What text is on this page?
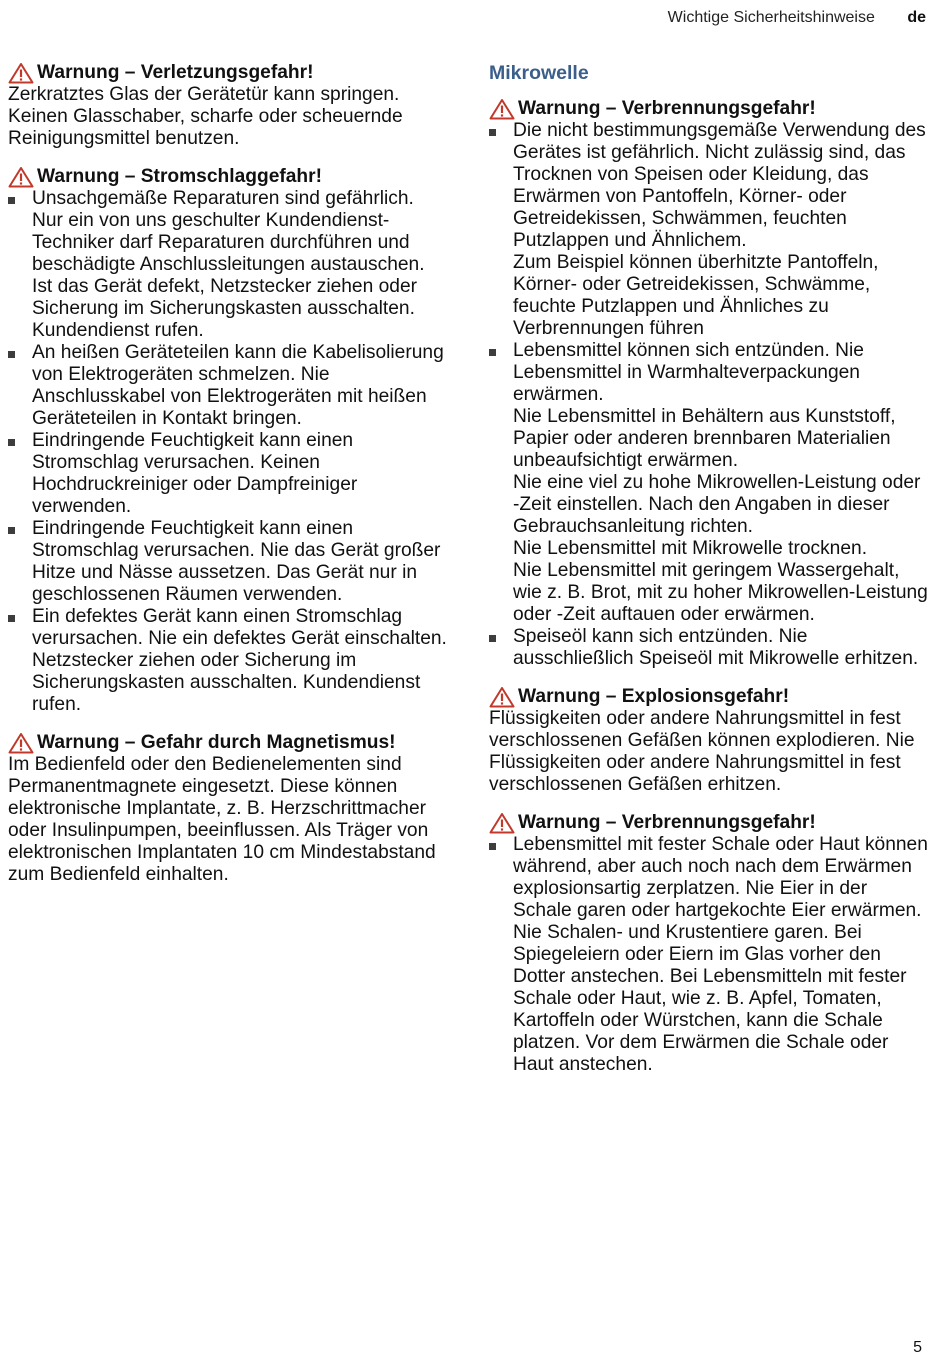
Wichtige Sicherheitshinweise de
Warnung – Verletzungsgefahr!
Zerkratztes Glas der Gerätetür kann springen. Keinen Glasschaber, scharfe oder scheuernde Reinigungsmittel benutzen.
Warnung – Stromschlaggefahr!
Unsachgemäße Reparaturen sind gefährlich. Nur ein von uns geschulter Kundendienst-Techniker darf Reparaturen durchführen und beschädigte Anschlussleitungen austauschen. Ist das Gerät defekt, Netzstecker ziehen oder Sicherung im Sicherungskasten ausschalten. Kundendienst rufen.
An heißen Geräteteilen kann die Kabelisolierung von Elektrogeräten schmelzen. Nie Anschlusskabel von Elektrogeräten mit heißen Geräteteilen in Kontakt bringen.
Eindringende Feuchtigkeit kann einen Stromschlag verursachen. Keinen Hochdruckreiniger oder Dampfreiniger verwenden.
Eindringende Feuchtigkeit kann einen Stromschlag verursachen. Nie das Gerät großer Hitze und Nässe aussetzen. Das Gerät nur in geschlossenen Räumen verwenden.
Ein defektes Gerät kann einen Stromschlag verursachen. Nie ein defektes Gerät einschalten. Netzstecker ziehen oder Sicherung im Sicherungskasten ausschalten. Kundendienst rufen.
Warnung – Gefahr durch Magnetismus!
Im Bedienfeld oder den Bedienelementen sind Permanentmagnete eingesetzt. Diese können elektronische Implantate, z. B. Herzschrittmacher oder Insulinpumpen, beeinflussen. Als Träger von elektronischen Implantaten 10 cm Mindestabstand zum Bedienfeld einhalten.
Mikrowelle
Warnung – Verbrennungsgefahr!
Die nicht bestimmungsgemäße Verwendung des Gerätes ist gefährlich. Nicht zulässig sind, das Trocknen von Speisen oder Kleidung, das Erwärmen von Pantoffeln, Körner- oder Getreidekissen, Schwämmen, feuchten Putzlappen und Ähnlichem.
Zum Beispiel können überhitzte Pantoffeln, Körner- oder Getreidekissen, Schwämme, feuchte Putzlappen und Ähnliches zu Verbrennungen führen
Lebensmittel können sich entzünden. Nie Lebensmittel in Warmhalteverpackungen erwärmen.
Nie Lebensmittel in Behältern aus Kunststoff, Papier oder anderen brennbaren Materialien unbeaufsichtigt erwärmen.
Nie eine viel zu hohe Mikrowellen-Leistung oder -Zeit einstellen. Nach den Angaben in dieser Gebrauchsanleitung richten.
Nie Lebensmittel mit Mikrowelle trocknen.
Nie Lebensmittel mit geringem Wassergehalt, wie z. B. Brot, mit zu hoher Mikrowellen-Leistung oder -Zeit auftauen oder erwärmen.
Speiseöl kann sich entzünden. Nie ausschließlich Speiseöl mit Mikrowelle erhitzen.
Warnung – Explosionsgefahr!
Flüssigkeiten oder andere Nahrungsmittel in fest verschlossenen Gefäßen können explodieren. Nie Flüssigkeiten oder andere Nahrungsmittel in fest verschlossenen Gefäßen erhitzen.
Warnung – Verbrennungsgefahr!
Lebensmittel mit fester Schale oder Haut können während, aber auch noch nach dem Erwärmen explosionsartig zerplatzen. Nie Eier in der Schale garen oder hartgekochte Eier erwärmen. Nie Schalen- und Krustentiere garen. Bei Spiegeleiern oder Eiern im Glas vorher den Dotter anstechen. Bei Lebensmitteln mit fester Schale oder Haut, wie z. B. Apfel, Tomaten, Kartoffeln oder Würstchen, kann die Schale platzen. Vor dem Erwärmen die Schale oder Haut anstechen.
5
